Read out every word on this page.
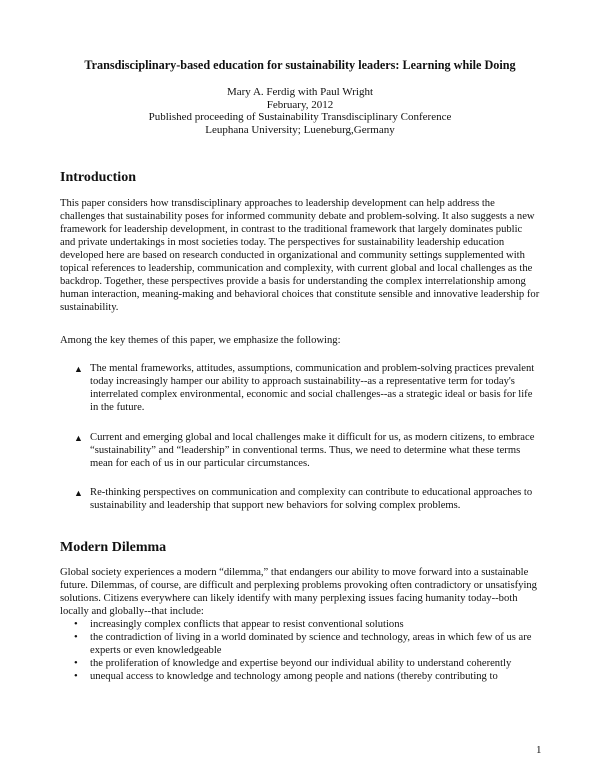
Transdisciplinary-based education for sustainability leaders: Learning while Doing
Mary A. Ferdig with Paul Wright
February, 2012
Published proceeding of Sustainability Transdisciplinary Conference
Leuphana University; Lueneburg,Germany
Introduction
This paper considers how transdisciplinary approaches to leadership development can help address the challenges that sustainability poses for informed community debate and problem-solving. It also suggests a new framework for leadership development, in contrast to the traditional framework that largely dominates public and private undertakings in most societies today. The perspectives for sustainability leadership education developed here are based on research conducted in organizational and community settings supplemented with topical references to leadership, communication and complexity, with current global and local challenges as the backdrop. Together, these perspectives provide a basis for understanding the complex interrelationship among human interaction, meaning-making and behavioral choices that constitute sensible and innovative leadership for sustainability.
Among the key themes of this paper, we emphasize the following:
▲ The mental frameworks, attitudes, assumptions, communication and problem-solving practices prevalent today increasingly hamper our ability to approach sustainability--as a representative term for today's interrelated complex environmental, economic and social challenges--as a strategic ideal or basis for life in the future.
▲ Current and emerging global and local challenges make it difficult for us, as modern citizens, to embrace “sustainability” and “leadership” in conventional terms. Thus, we need to determine what these terms mean for each of us in our particular circumstances.
▲ Re-thinking perspectives on communication and complexity can contribute to educational approaches to sustainability and leadership that support new behaviors for solving complex problems.
Modern Dilemma
Global society experiences a modern “dilemma,” that endangers our ability to move forward into a sustainable future. Dilemmas, of course, are difficult and perplexing problems provoking often contradictory or unsatisfying solutions. Citizens everywhere can likely identify with many perplexing issues facing humanity today--both locally and globally--that include:
• increasingly complex conflicts that appear to resist conventional solutions
• the contradiction of living in a world dominated by science and technology, areas in which few of us are experts or even knowledgeable
• the proliferation of knowledge and expertise beyond our individual ability to understand coherently
• unequal access to knowledge and technology among people and nations (thereby contributing to
1
